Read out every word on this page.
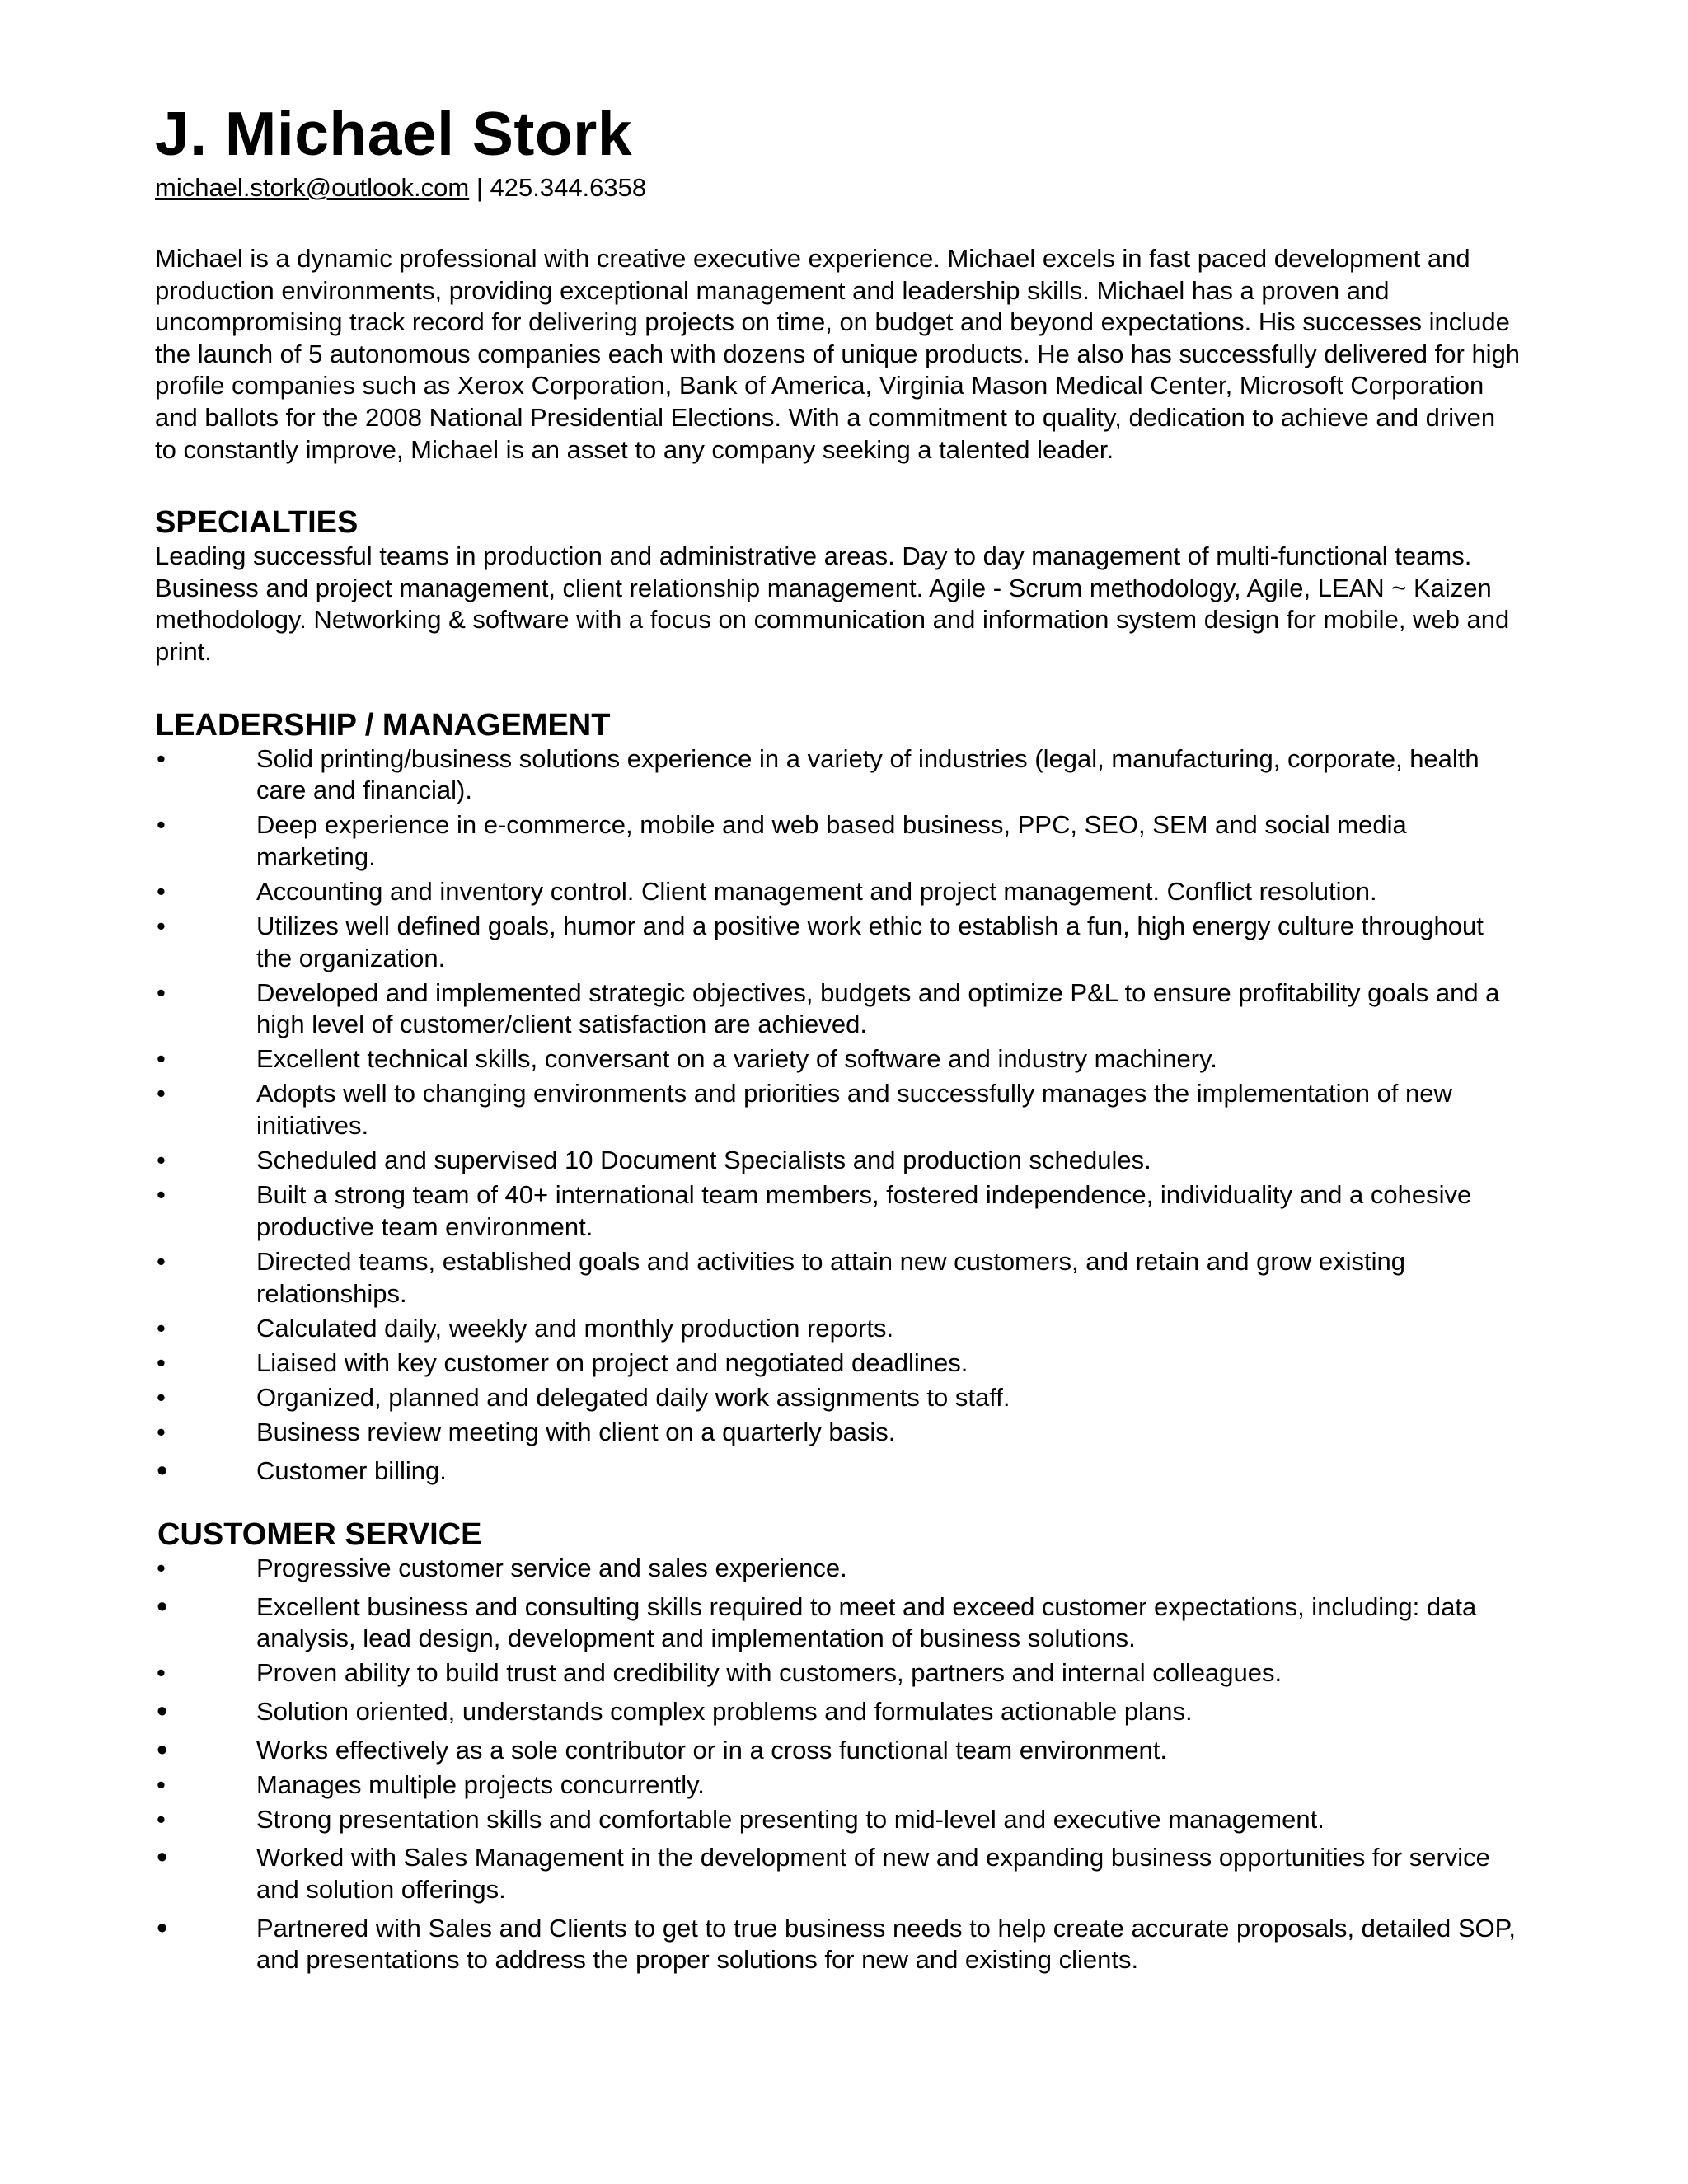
J. Michael Stork

michael.stork@outlook.com | 425.344.6358

Michael is a dynamic professional with creative executive experience. Michael excels in fast paced development and production environments, providing exceptional management and leadership skills. Michael has a proven and uncompromising track record for delivering projects on time, on budget and beyond expectations. His successes include the launch of 5 autonomous companies each with dozens of unique products. He also has successfully delivered for high profile companies such as Xerox Corporation, Bank of America, Virginia Mason Medical Center, Microsoft Corporation and ballots for the 2008 National Presidential Elections. With a commitment to quality, dedication to achieve and driven to constantly improve, Michael is an asset to any company seeking a talented leader.

SPECIALTIES

Leading successful teams in production and administrative areas. Day to day management of multi-functional teams. Business and project management, client relationship management. Agile - Scrum methodology, Agile, LEAN ~ Kaizen methodology. Networking & software with a focus on communication and information system design for mobile, web and print.

LEADERSHIP / MANAGEMENT
•	Solid printing/business solutions experience in a variety of industries (legal, manufacturing, corporate, health care and financial).
•	Deep experience in e-commerce, mobile and web based business, PPC, SEO, SEM and social media marketing.
•	Accounting and inventory control. Client management and project management. Conflict resolution.
•	Utilizes well defined goals, humor and a positive work ethic to establish a fun, high energy culture throughout the organization.
•	Developed and implemented strategic objectives, budgets and optimize P&L to ensure profitability goals and a high level of customer/client satisfaction are achieved.
•	Excellent technical skills, conversant on a variety of software and industry machinery.
•	Adopts well to changing environments and priorities and successfully manages the implementation of new initiatives.
•	Scheduled and supervised 10 Document Specialists and production schedules.
•	Built a strong team of 40+ international team members, fostered independence, individuality and a cohesive productive team environment.
•	Directed teams, established goals and activities to attain new customers, and retain and grow existing relationships.
•	Calculated daily, weekly and monthly production reports.
•	Liaised with key customer on project and negotiated deadlines.
•	Organized, planned and delegated daily work assignments to staff.
•	Business review meeting with client on a quarterly basis.
•	Customer billing.
CUSTOMER SERVICE
•	Progressive customer service and sales experience.
•	Excellent business and consulting skills required to meet and exceed customer expectations, including: data analysis, lead design, development and implementation of business solutions.
•	Proven ability to build trust and credibility with customers, partners and internal colleagues.
•	Solution oriented, understands complex problems and formulates actionable plans.
•	Works effectively as a sole contributor or in a cross functional team environment.
•	Manages multiple projects concurrently.
•	Strong presentation skills and comfortable presenting to mid-level and executive management.
•	Worked with Sales Management in the development of new and expanding business opportunities for service and solution offerings.
•	Partnered with Sales and Clients to get to true business needs to help create accurate proposals, detailed SOP, and presentations to address the proper solutions for new and existing clients.
